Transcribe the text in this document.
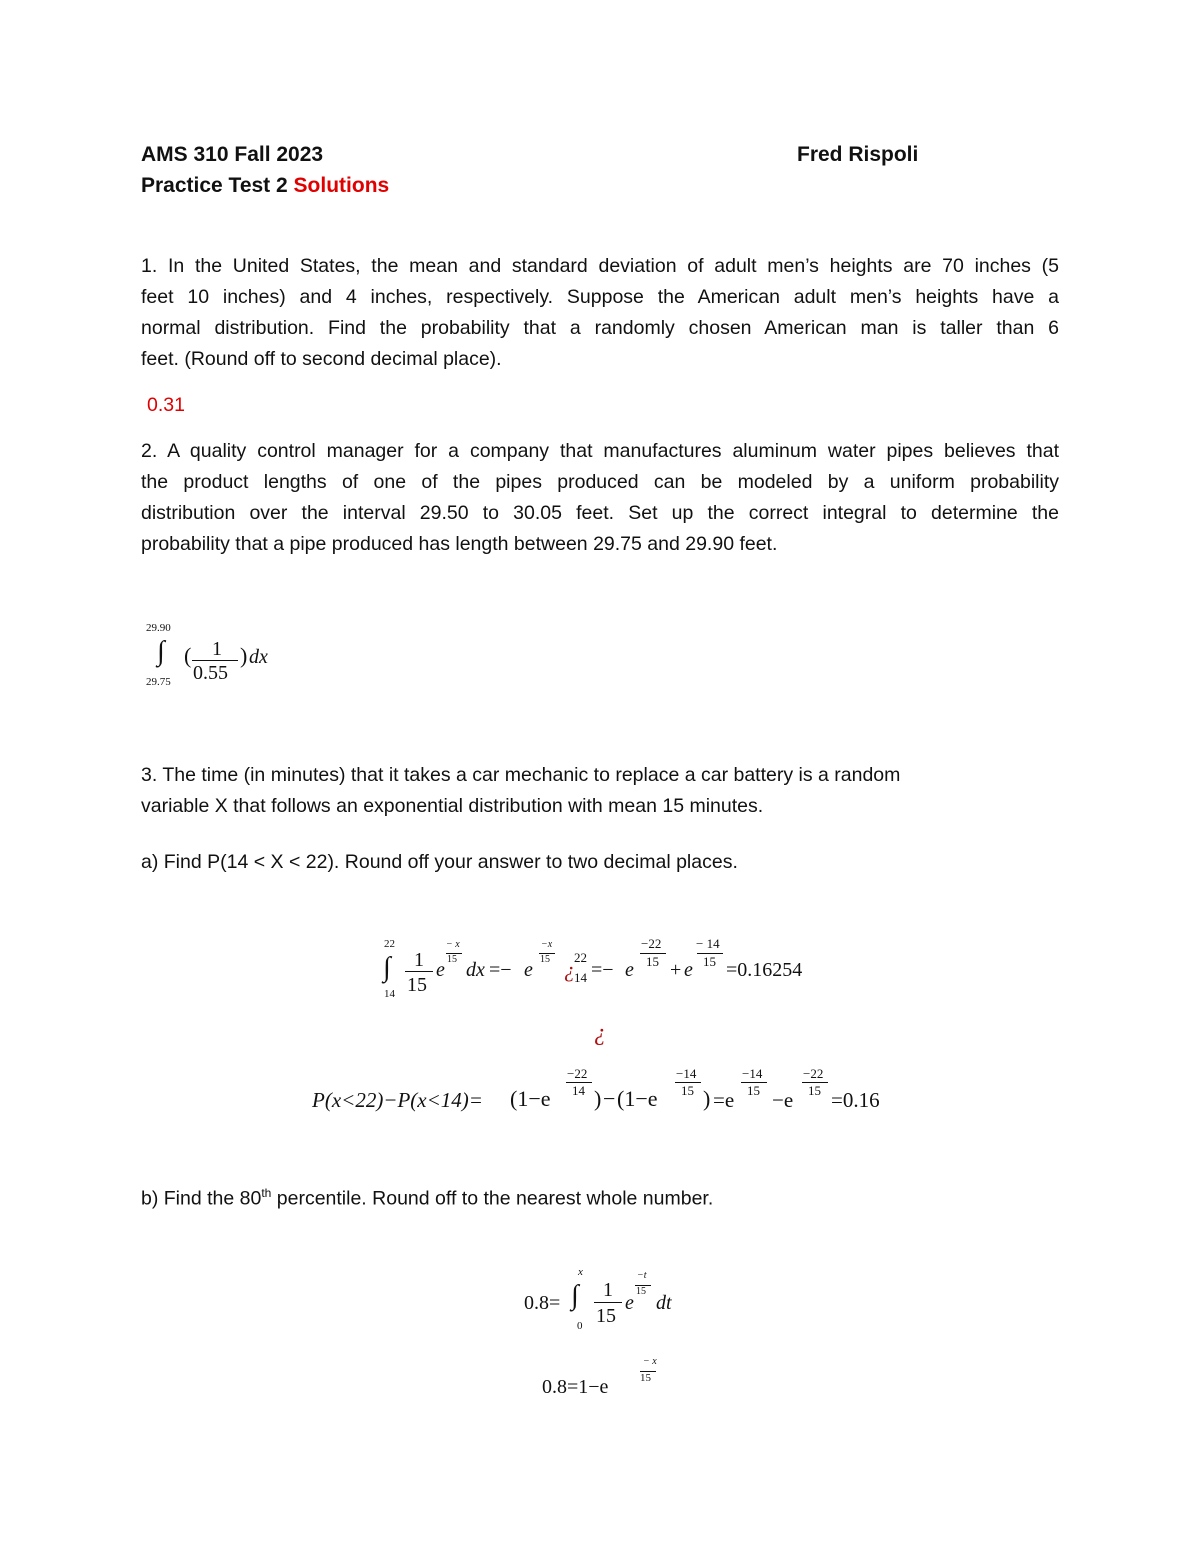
AMS 310 Fall 2023	Fred Rispoli
Practice Test 2 Solutions
1. In the United States, the mean and standard deviation of adult men’s heights are 70 inches (5
feet 10 inches) and 4 inches, respectively. Suppose the American adult men’s heights have a
normal distribution. Find the probability that a randomly chosen American man is taller than 6
feet. (Round off to second decimal place).
0.31
2. A quality control manager for a company that manufactures aluminum water pipes believes that
the product lengths of one of the pipes produced can be modeled by a uniform probability
distribution over the interval 29.50 to 30.05 feet. Set up the correct integral to determine the
probability that a pipe produced has length between 29.75 and 29.90 feet.
29.90
∫
29.75
( 1
0.55
) dx
3. The time (in minutes) that it takes a car mechanic to replace a car battery is a random
variable X that follows an exponential distribution with mean 15 minutes.
a) Find P(14 < X < 22). Round off your answer to two decimal places.
22
∫
14
1
15
e
− x
15 dx =− e
−x
15 ¿ 22
14 =− e
−22
15 + e
− 14
15 =0.16254
¿
P(x<22)−P(x<14)= (1−e
−22
14 ) − (1−e
−14
15 ) =e
−14
15 −e
−22
15 =0.16
b) Find the 80th percentile. Round off to the nearest whole number.
0.8=
x
∫
0
1
15
e
−t
15
dt
0.8=1−e
− x
15
